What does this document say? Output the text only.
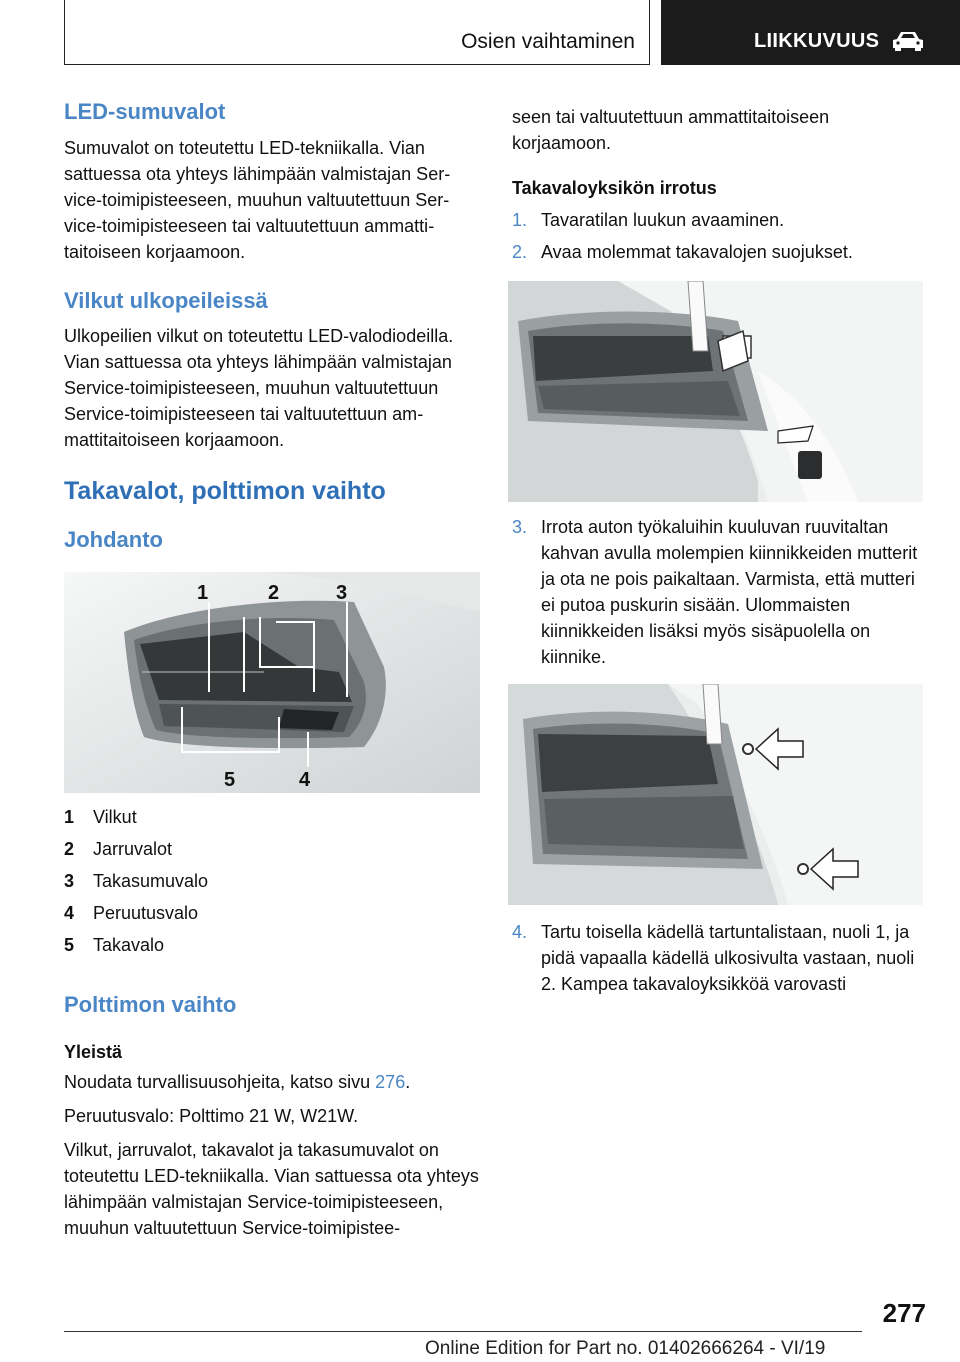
Osien vaihtaminen	LIIKKUVUUS
LED-sumuvalot

Sumuvalot on toteutettu LED-tekniikalla. Vian sattuessa ota yhteys lähimpään valmistajan Service-toimipisteeseen, muuhun valtuutettuun Service-toimipisteeseen tai valtuutettuun ammattitaitoiseen korjaamoon.

Vilkut ulkopeileissä

Ulkopeilien vilkut on toteutettu LED-valodiodeilla. Vian sattuessa ota yhteys lähimpään valmistajan Service-toimipisteeseen, muuhun valtuutettuun Service-toimipisteeseen tai valtuutettuun ammattitaitoiseen korjaamoon.

Takavalot, polttimon vaihto
Johdanto
1	2	3
4
5
1	Vilkut
2	Jarruvalot
3	Takasumuvalo
4	Peruutusvalo
5	Takavalo
Polttimon vaihto
Yleistä

Noudata turvallisuusohjeita, katso sivu 276.

Peruutusvalo: Polttimo 21 W, W21W.

Vilkut, jarruvalot, takavalot ja takasumuvalot on toteutettu LED-tekniikalla. Vian sattuessa ota yhteys lähimpään valmistajan Service-toimipisteeseen, muuhun valtuutettuun Service-toimipistee-

seen tai valtuutettuun ammattitaitoiseen korjaamoon.

Takavaloyksikön irrotus
1. Tavaratilan luukun avaaminen.
2. Avaa molemmat takavalojen suojukset.
3. Irrota auton työkaluihin kuuluvan ruuvitaltan kahvan avulla molempien kiinnikkeiden mutterit ja ota ne pois paikaltaan. Varmista, että mutteri ei putoa puskurin sisään. Ulommaisten kiinnikkeiden lisäksi myös sisäpuolella on kiinnike.
4. Tartu toisella kädellä tartuntalistaan, nuoli 1, ja pidä vapaalla kädellä ulkosivulta vastaan, nuoli 2. Kampea takavaloyksikköä varovasti
277
Online Edition for Part no. 01402666264 - VI/19
